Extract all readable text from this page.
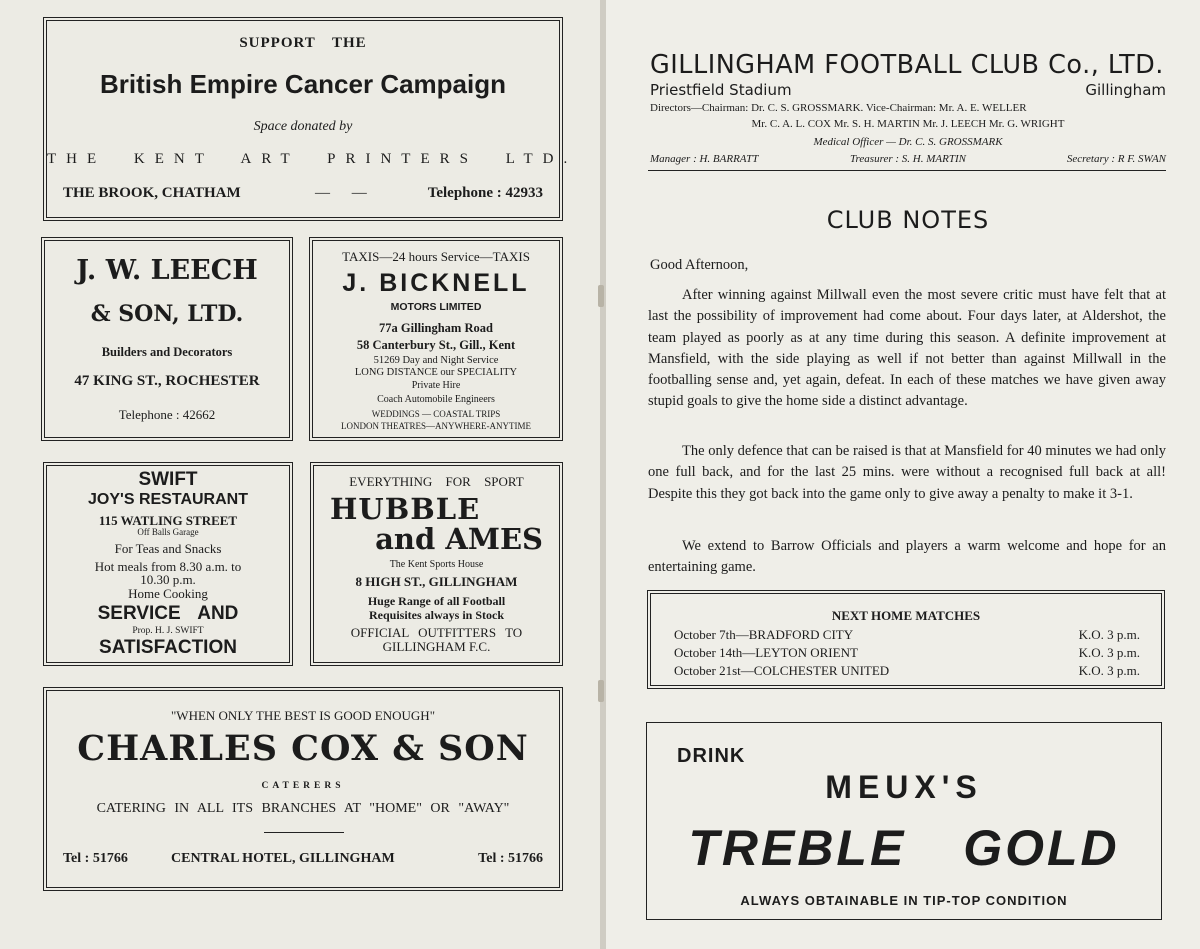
SUPPORT THE
British Empire Cancer Campaign
Space donated by
THE KENT ART PRINTERS LTD.
THE BROOK, CHATHAM	— —	Telephone : 42933
J. W. LEECH
& SON, LTD.
Builders and Decorators
47 KING ST., ROCHESTER
Telephone : 42662
TAXIS—24 hours Service—TAXIS
J. BICKNELL
MOTORS LIMITED
77a Gillingham Road
58 Canterbury St., Gill., Kent
51269 Day and Night Service
LONG DISTANCE our SPECIALITY
Private Hire
Coach Automobile Engineers
WEDDINGS — COASTAL TRIPS
LONDON THEATRES—ANYWHERE-ANYTIME
SWIFT
JOY'S RESTAURANT
115 WATLING STREET
Off Balls Garage
For Teas and Snacks
Hot meals from 8.30 a.m. to
10.30 p.m.
Home Cooking
SERVICE AND
Prop. H. J. SWIFT
SATISFACTION
EVERYTHING FOR SPORT
HUBBLE
and AMES
The Kent Sports House
8 HIGH ST., GILLINGHAM
Huge Range of all Football
Requisites always in Stock
OFFICIAL OUTFITTERS TO
GILLINGHAM F.C.
"WHEN ONLY THE BEST IS GOOD ENOUGH"
CHARLES COX & SON
CATERERS
CATERING IN ALL ITS BRANCHES AT "HOME" OR "AWAY"
Tel : 51766	CENTRAL HOTEL, GILLINGHAM	Tel : 51766
GILLINGHAM FOOTBALL CLUB Co., LTD.
Priestfield Stadium	Gillingham
Directors—Chairman: Dr. C. S. GROSSMARK. Vice-Chairman: Mr. A. E. WELLER
Mr. C. A. L. COX Mr. S. H. MARTIN Mr. J. LEECH Mr. G. WRIGHT
Medical Officer — Dr. C. S. GROSSMARK
Manager : H. BARRATT	Treasurer : S. H. MARTIN	Secretary : R F. SWAN
CLUB NOTES
Good Afternoon,

After winning against Millwall even the most severe critic must have felt that at last the possibility of improvement had come about. Four days later, at Aldershot, the team played as poorly as at any time during this season. A definite improvement at Mansfield, with the side playing as well if not better than against Millwall in the footballing sense and, yet again, defeat. In each of these matches we have given away stupid goals to give the home side a distinct advantage.

The only defence that can be raised is that at Mansfield for 40 minutes we had only one full back, and for the last 25 mins. were without a recognised full back at all! Despite this they got back into the game only to give away a penalty to make it 3-1.

We extend to Barrow Officials and players a warm welcome and hope for an entertaining game.

NEXT HOME MATCHES
October 7th—BRADFORD CITY	K.O. 3 p.m.
October 14th—LEYTON ORIENT	K.O. 3 p.m.
October 21st—COLCHESTER UNITED	K.O. 3 p.m.
DRINK
MEUX'S
TREBLE GOLD
ALWAYS OBTAINABLE IN TIP-TOP CONDITION
